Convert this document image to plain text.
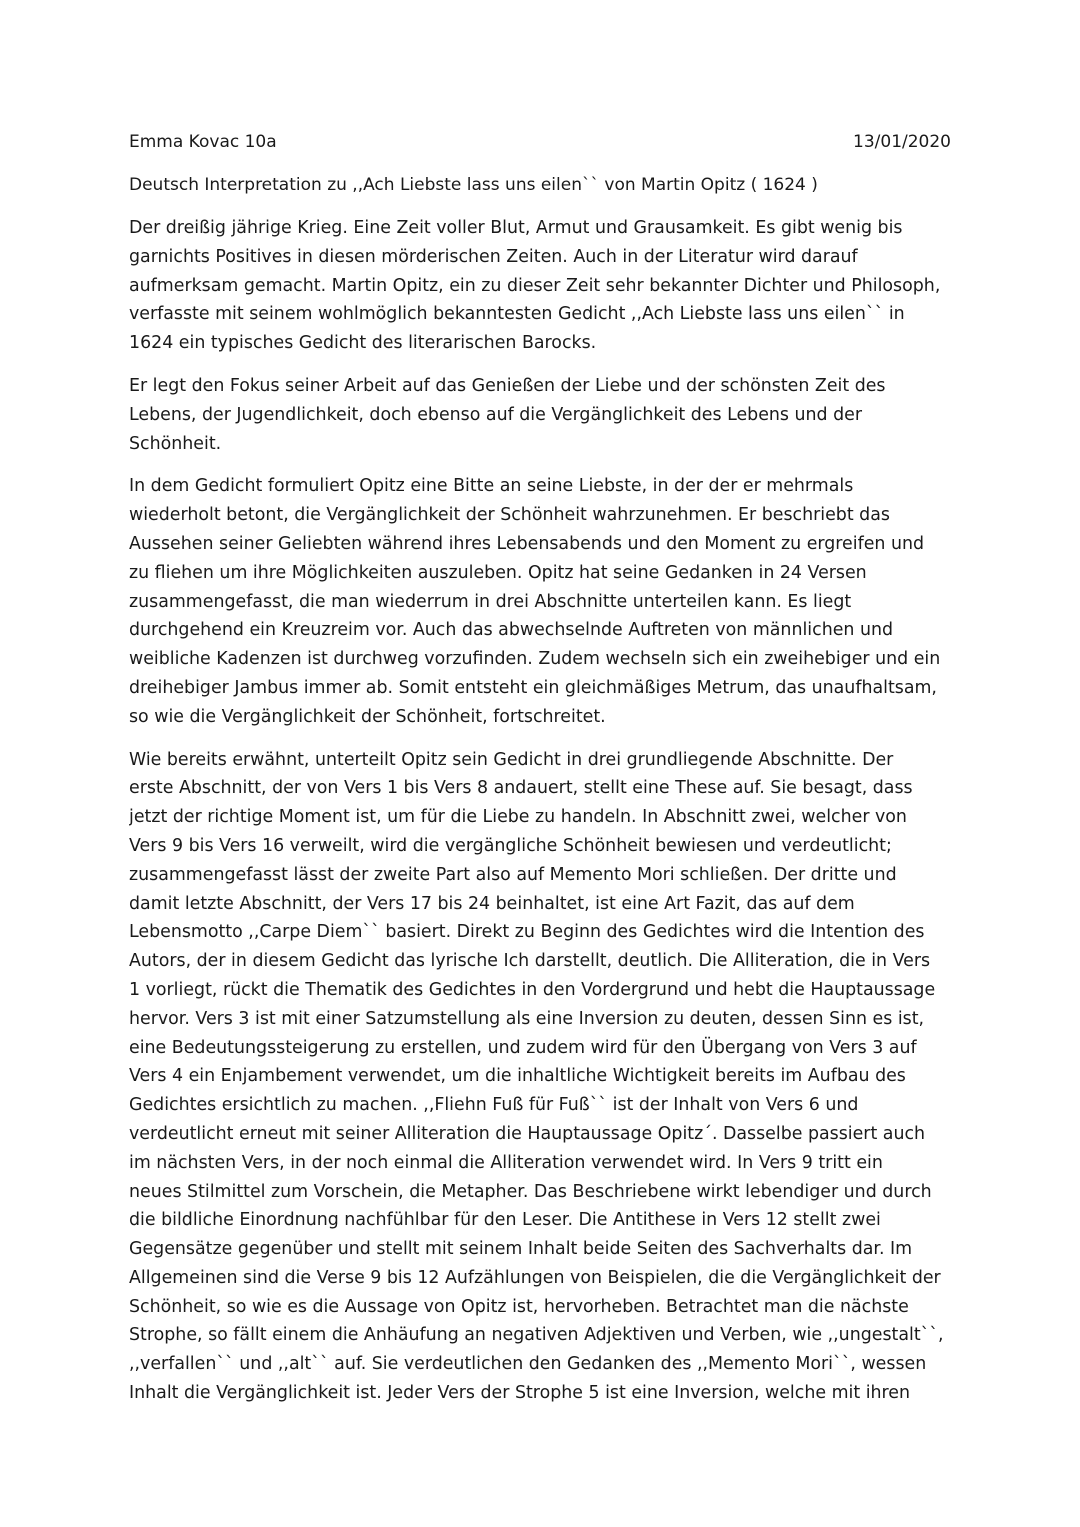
Emma Kovac 10a	13/01/2020
Deutsch Interpretation zu ,,Ach Liebste lass uns eilen`` von Martin Opitz ( 1624 )

Der dreißig jährige Krieg. Eine Zeit voller Blut, Armut und Grausamkeit. Es gibt wenig bis
garnichts Positives in diesen mörderischen Zeiten. Auch in der Literatur wird darauf
aufmerksam gemacht. Martin Opitz, ein zu dieser Zeit sehr bekannter Dichter und Philosoph,
verfasste mit seinem wohlmöglich bekanntesten Gedicht ,,Ach Liebste lass uns eilen`` in
1624 ein typisches Gedicht des literarischen Barocks.

Er legt den Fokus seiner Arbeit auf das Genießen der Liebe und der schönsten Zeit des
Lebens, der Jugendlichkeit, doch ebenso auf die Vergänglichkeit des Lebens und der
Schönheit.

In dem Gedicht formuliert Opitz eine Bitte an seine Liebste, in der der er mehrmals
wiederholt betont, die Vergänglichkeit der Schönheit wahrzunehmen. Er beschriebt das
Aussehen seiner Geliebten während ihres Lebensabends und den Moment zu ergreifen und
zu fliehen um ihre Möglichkeiten auszuleben. Opitz hat seine Gedanken in 24 Versen
zusammengefasst, die man wiederrum in drei Abschnitte unterteilen kann. Es liegt
durchgehend ein Kreuzreim vor. Auch das abwechselnde Auftreten von männlichen und
weibliche Kadenzen ist durchweg vorzufinden. Zudem wechseln sich ein zweihebiger und ein
dreihebiger Jambus immer ab. Somit entsteht ein gleichmäßiges Metrum, das unaufhaltsam,
so wie die Vergänglichkeit der Schönheit, fortschreitet.

Wie bereits erwähnt, unterteilt Opitz sein Gedicht in drei grundliegende Abschnitte. Der
erste Abschnitt, der von Vers 1 bis Vers 8 andauert, stellt eine These auf. Sie besagt, dass
jetzt der richtige Moment ist, um für die Liebe zu handeln. In Abschnitt zwei, welcher von
Vers 9 bis Vers 16 verweilt, wird die vergängliche Schönheit bewiesen und verdeutlicht;
zusammengefasst lässt der zweite Part also auf Memento Mori schließen. Der dritte und
damit letzte Abschnitt, der Vers 17 bis 24 beinhaltet, ist eine Art Fazit, das auf dem
Lebensmotto ,,Carpe Diem`` basiert. Direkt zu Beginn des Gedichtes wird die Intention des
Autors, der in diesem Gedicht das lyrische Ich darstellt, deutlich. Die Alliteration, die in Vers
1 vorliegt, rückt die Thematik des Gedichtes in den Vordergrund und hebt die Hauptaussage
hervor. Vers 3 ist mit einer Satzumstellung als eine Inversion zu deuten, dessen Sinn es ist,
eine Bedeutungssteigerung zu erstellen, und zudem wird für den Übergang von Vers 3 auf
Vers 4 ein Enjambement verwendet, um die inhaltliche Wichtigkeit bereits im Aufbau des
Gedichtes ersichtlich zu machen. ,,Fliehn Fuß für Fuß`` ist der Inhalt von Vers 6 und
verdeutlicht erneut mit seiner Alliteration die Hauptaussage Opitz´. Dasselbe passiert auch
im nächsten Vers, in der noch einmal die Alliteration verwendet wird. In Vers 9 tritt ein
neues Stilmittel zum Vorschein, die Metapher. Das Beschriebene wirkt lebendiger und durch
die bildliche Einordnung nachfühlbar für den Leser. Die Antithese in Vers 12 stellt zwei
Gegensätze gegenüber und stellt mit seinem Inhalt beide Seiten des Sachverhalts dar. Im
Allgemeinen sind die Verse 9 bis 12 Aufzählungen von Beispielen, die die Vergänglichkeit der
Schönheit, so wie es die Aussage von Opitz ist, hervorheben. Betrachtet man die nächste
Strophe, so fällt einem die Anhäufung an negativen Adjektiven und Verben, wie ,,ungestalt``,
,,verfallen`` und ,,alt`` auf. Sie verdeutlichen den Gedanken des ,,Memento Mori``, wessen
Inhalt die Vergänglichkeit ist. Jeder Vers der Strophe 5 ist eine Inversion, welche mit ihren
